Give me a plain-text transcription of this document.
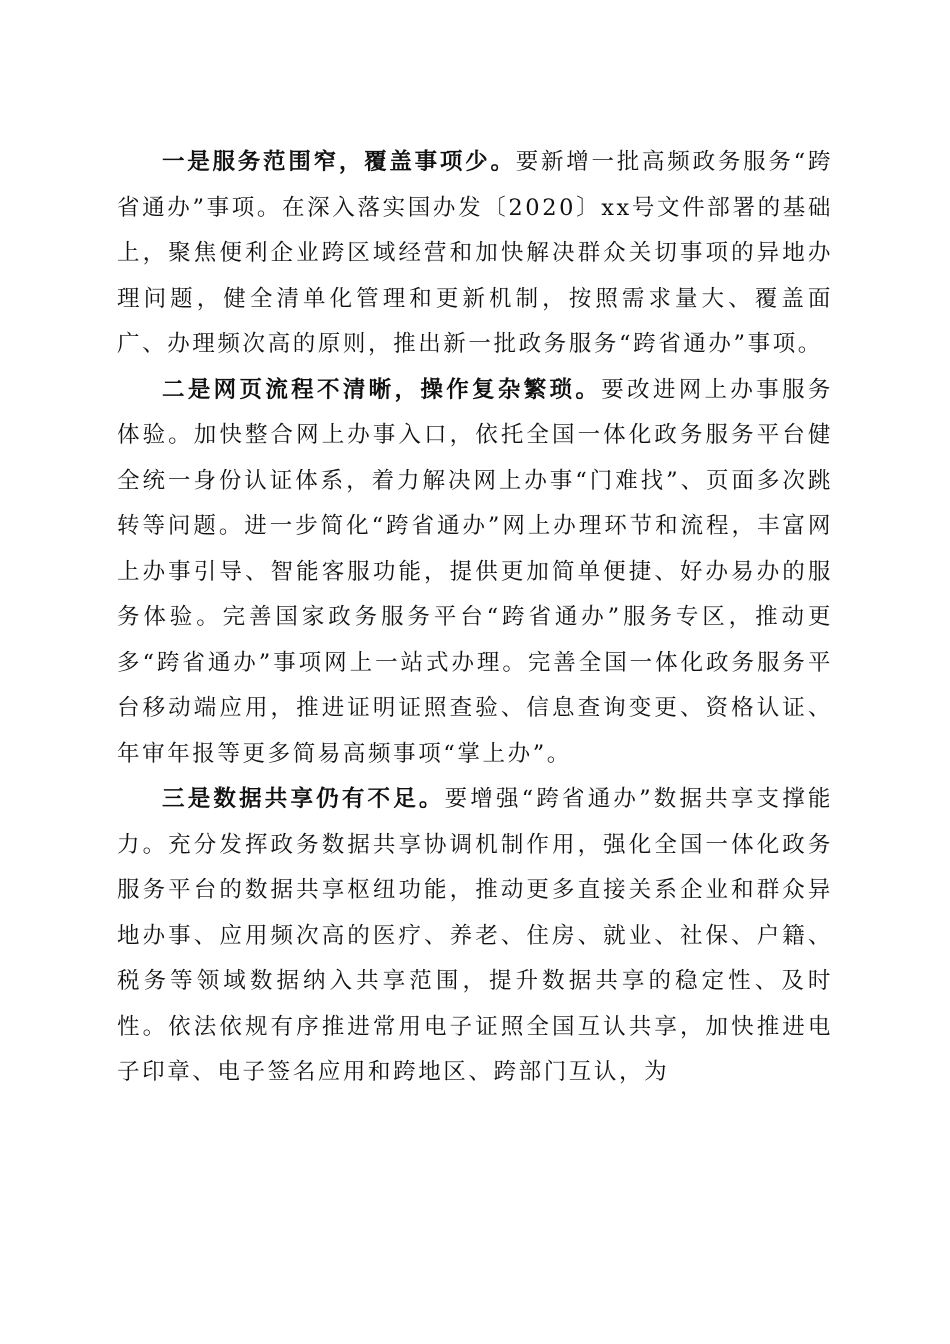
一是服务范围窄，覆盖事项少。要新增一批高频政务服务“跨省通办”事项。在深入落实国办发〔2020〕xx号文件部署的基础上，聚焦便利企业跨区域经营和加快解决群众关切事项的异地办理问题，健全清单化管理和更新机制，按照需求量大、覆盖面广、办理频次高的原则，推出新一批政务服务“跨省通办”事项。

二是网页流程不清晰，操作复杂繁琐。要改进网上办事服务体验。加快整合网上办事入口，依托全国一体化政务服务平台健全统一身份认证体系，着力解决网上办事“门难找”、页面多次跳转等问题。进一步简化“跨省通办”网上办理环节和流程，丰富网上办事引导、智能客服功能，提供更加简单便捷、好办易办的服务体验。完善国家政务服务平台“跨省通办”服务专区，推动更多“跨省通办”事项网上一站式办理。完善全国一体化政务服务平台移动端应用，推进证明证照查验、信息查询变更、资格认证、年审年报等更多简易高频事项“掌上办”。

三是数据共享仍有不足。要增强“跨省通办”数据共享支撑能力。充分发挥政务数据共享协调机制作用，强化全国一体化政务服务平台的数据共享枢纽功能，推动更多直接关系企业和群众异地办事、应用频次高的医疗、养老、住房、就业、社保、户籍、税务等领域数据纳入共享范围，提升数据共享的稳定性、及时性。依法依规有序推进常用电子证照全国互认共享，加快推进电子印章、电子签名应用和跨地区、跨部门互认，为
